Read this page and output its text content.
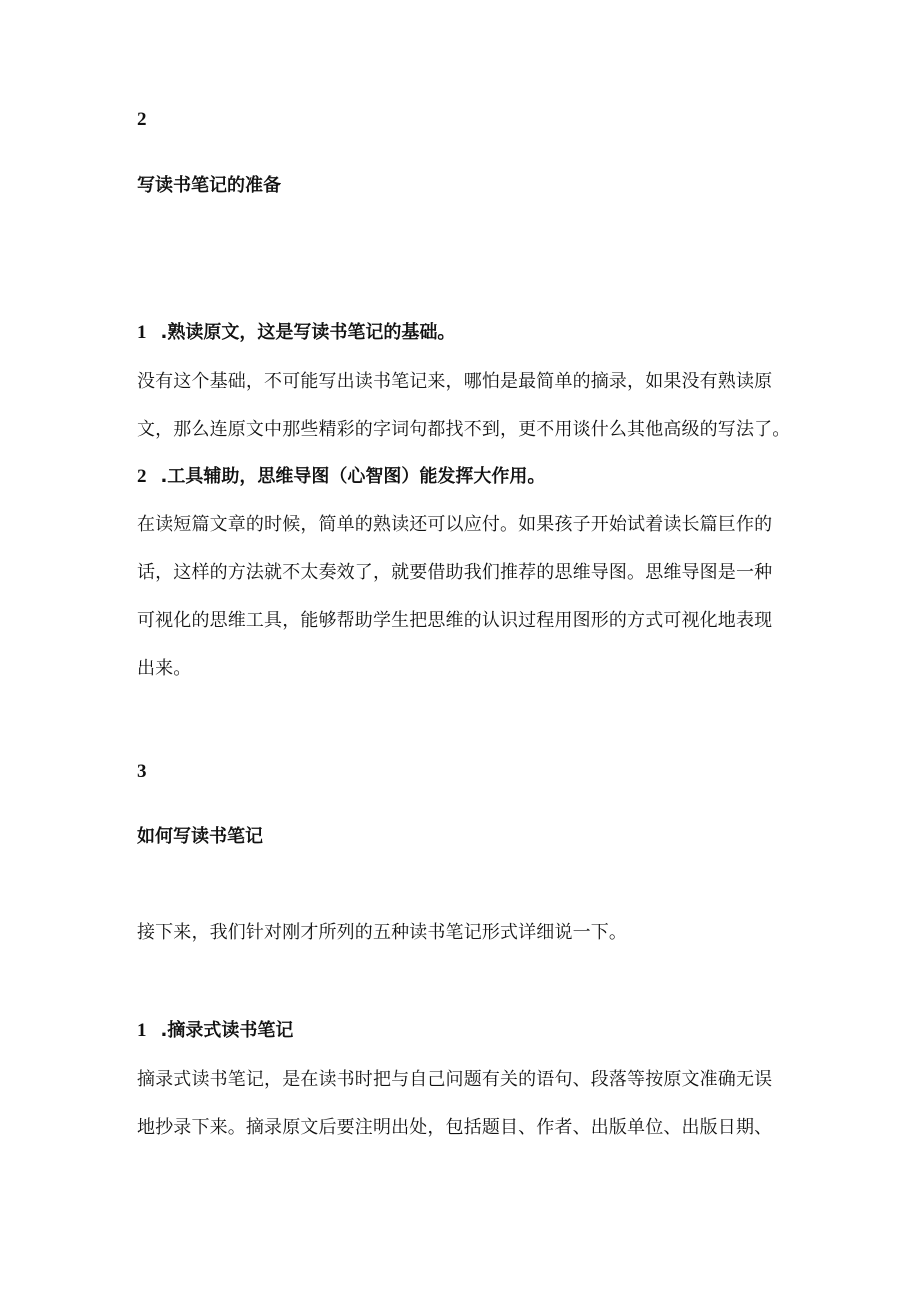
2
写读书笔记的准备
1 .熟读原文，这是写读书笔记的基础。
没有这个基础，不可能写出读书笔记来，哪怕是最简单的摘录，如果没有熟读原
文，那么连原文中那些精彩的字词句都找不到，更不用谈什么其他高级的写法了。
2 .工具辅助，思维导图（心智图）能发挥大作用。
在读短篇文章的时候，简单的熟读还可以应付。如果孩子开始试着读长篇巨作的
话，这样的方法就不太奏效了，就要借助我们推荐的思维导图。思维导图是一种
可视化的思维工具，能够帮助学生把思维的认识过程用图形的方式可视化地表现
出来。
3
如何写读书笔记
接下来，我们针对刚才所列的五种读书笔记形式详细说一下。
1 .摘录式读书笔记
摘录式读书笔记，是在读书时把与自己问题有关的语句、段落等按原文准确无误
地抄录下来。摘录原文后要注明出处，包括题目、作者、出版单位、出版日期、
